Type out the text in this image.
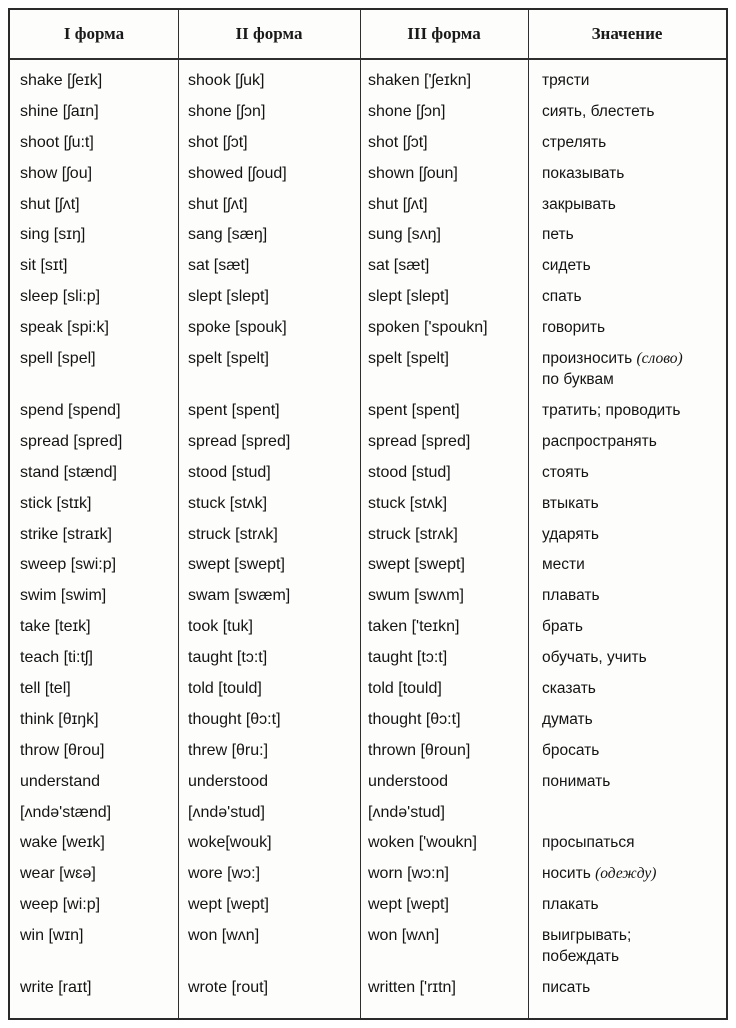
I форма	II форма	III форма	Значение
shake [ʃeɪk]	shook [ʃuk]	shaken ['ʃeɪkn]	трясти
shine [ʃaɪn]	shone [ʃɔn]	shone [ʃɔn]	сиять, блестеть
shoot [ʃu:t]	shot [ʃɔt]	shot [ʃɔt]	стрелять
show [ʃou]	showed [ʃoud]	shown [ʃoun]	показывать
shut [ʃʌt]	shut [ʃʌt]	shut [ʃʌt]	закрывать
sing [sɪŋ]	sang [sæŋ]	sung [sʌŋ]	петь
sit [sɪt]	sat [sæt]	sat [sæt]	сидеть
sleep [sli:p]	slept [slept]	slept [slept]	спать
speak [spi:k]	spoke [spouk]	spoken ['spoukn]	говорить
spell [spel]	spelt [spelt]	spelt [spelt]	произносить (слово)
по буквам
spend [spend]	spent [spent]	spent [spent]	тратить; проводить
spread [spred]	spread [spred]	spread [spred]	распространять
stand [stænd]	stood [stud]	stood [stud]	стоять
stick [stɪk]	stuck [stʌk]	stuck [stʌk]	втыкать
strike [straɪk]	struck [strʌk]	struck [strʌk]	ударять
sweep [swi:p]	swept [swept]	swept [swept]	мести
swim [swim]	swam [swæm]	swum [swʌm]	плавать
take [teɪk]	took [tuk]	taken ['teɪkn]	брать
teach [ti:tʃ]	taught [tɔ:t]	taught [tɔ:t]	обучать, учить
tell [tel]	told [tould]	told [tould]	сказать
think [θɪŋk]	thought [θɔ:t]	thought [θɔ:t]	думать
throw [θrou]	threw [θru:]	thrown [θroun]	бросать
understand	understood	understood	понимать
[ʌndə'stænd]	[ʌndə'stud]	[ʌndə'stud]
wake [weɪk]	woke[wouk]	woken ['woukn]	просыпаться
wear [wɛə]	wore [wɔ:]	worn [wɔ:n]	носить (одежду)
weep [wi:p]	wept [wept]	wept [wept]	плакать
win [wɪn]	won [wʌn]	won [wʌn]	выигрывать;
побеждать
write [raɪt]	wrote [rout]	written ['rɪtn]	писать
